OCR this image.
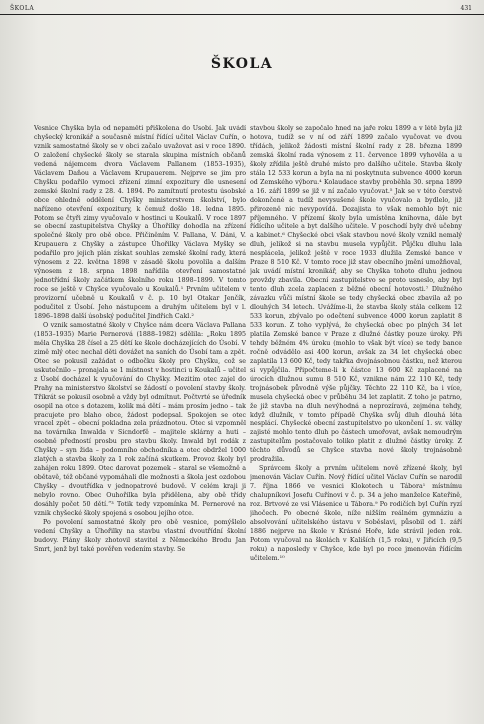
ŠKOLA	431
ŠKOLA

Vesnice Chyška byla od nepaměti přiškolena do Úsobí. Jak uvádí chyšecký kronikář a současně místní řídící učitel Václav Cuřín, o vznik samostatné školy se v obci začalo uvažovat asi v roce 1890. O založení chyšecké školy se starala skupina místních občanů vedená nájemcem dvora Václavem Pallanem (1853–1935), Václavem Daňou a Václavem Krupauerem. Nejprve se jim pro Chyšku podařilo vymoci zřízení zimní expozitury dle usnesení zemské školní rady z 28. 4. 1894. Po zamítnutí protestu úsobské obce ohledně oddělení Chyšky ministerstvem školství, bylo nařízeno otevření expozitury, k čemuž došlo 18. ledna 1895. Potom se čtyři zimy vyučovalo v hostinci u Koukalů. V roce 1897 se obecní zastupitelstva Chyšky a Úhořilky dohodla na zřízení společné školy pro obě obce. Přičiněním V. Pallana, V. Dáni, V. Krupauera z Chyšky a zástupce Úhořilky Václava Myšky se podařilo pro jejich plán získat souhlas zemské školní rady, která výnosem z 22. května 1898 v zásadě školu povolila a dalším výnosem z 18. srpna 1898 nařídila otevření samostatné jednotřídní školy začátkem školního roku 1898–1899. V tomto roce se ještě v Chyšce vyučovalo u Koukalů.¹ Prvním učitelem v provizorní učebně u Koukalů v č. p. 10 byl Otakar Jenčík, podučitel z Úsobí. Jeho nástupcem a druhým učitelem byl v l. 1896–1898 další úsobský podučitel Jindřich Cakl.²

O vznik samostatné školy v Chyšce nám dcera Václava Pallana (1853–1935) Marie Pernerová (1888–1982) sdělila: „Roku 1895 měla Chyška 28 čísel a 25 dětí ke škole docházejících do Úsobí. V zimě mlý otec nechal děti dovážet na saních do Úsobí tam a zpět. Otec se pokusil zažádat o odbočku školy pro Chyšku, což se uskutečnilo – pronajala se 1 místnost v hostinci u Koukalů – učitel z Úsobí docházel k vyučování do Chyšky. Mezitím otec zajel do Prahy na ministerstvo školství se žádostí o povolení stavby školy. Třikrát se pokusil osobně a vždy byl odmítnut. Počtvrté se úředník osopil na otce s dotazem, kolik má dětí – mám prosím jedno – tak pracujete pro blaho obce, žádost podepsal. Spokojen se otec vracel zpět – obecní pokladna zela prázdnotou. Otec si vzpomněl na továrníka Inwalda v Sicndorfě – majitele sklárny a huti – osobně předností prosbu pro stavbu školy. Inwald byl rodák z Chyšky – syn žida – podomního obchodníka a otec obdržel 1000 zlatých a stavba školy za 1 rok začíná skutkem. Provoz školy byl zahájen roku 1899. Otec darovat pozemek – staral se všemožně a obětavě, též občané vypomáhali dle možnosti a škola jest ozdobou Chyšky – dvoutřídka v jednopatrové budově. V celém kraji ji nebylo rovno. Obec Ouhořilka byla přidělena, aby obě třídy dosáhly počet 50 dětí.“³ Totik tedy vzpomínka M. Pernerové na vznik chyšecké školy spojená s osobou jejího otce.

Po povolení samostatné školy pro obě vesnice, pomýšlelo vedení Chyšky a Úhořilky na stavbu vlastní dvoutřídní školní budovy. Plány školy zhotovil stavitel z Německého Brodu Jan Smrt, jenž byl také pověřen vedením stavby. Se

stavbou školy se započalo hned na jaře roku 1899 a v létě byla již hotova, tudíž se v ní od září 1899 začalo vyučovat ve dvou třídách, jelikož žádosti místní školní rady z 28. března 1899 zemská školní rada výnosem z 11. července 1899 vyhověla a u školy zřídila ještě druhé místo pro dalšího učitele. Stavba školy stála 12 533 korun a byla na ni poskytnuta subvence 4000 korun od Zemského výboru.⁴ Kolaudace stavby proběhla 30. srpna 1899 a 16. září 1899 se již v ní začalo vyučovat.⁵ Jak se v této čerstvě dokončené a tudíž nevysušené škole vyučovalo a bydlelo, již přirozeně nic nevypovídá. Dozajista to však nemohlo být nic příjemného. V přízemí školy byla umístěna knihovna, dále byt řídícího učitele a byt dalšího učitele. V poschodí byly dvě učebny a kabinet.⁶ Chyšecké obci však stavbou nové školy vznikl nemalý dluh, jelikož si na stavbu musela vypůjčit. Půjčku dluhu lala nesplácela, jelikož ještě v roce 1933 dlužila Zemské bance v Praze 8 510 Kč. V tomto roce již stav obecního jmění umožňoval, jak uvádí místní kronikář, aby se Chyška tohoto dluhu jednou provždy zbavila. Obecní zastupitelstvo se proto usneslo, aby byl tento dluh zcela zaplacen z běžné obecní hotovosti.⁷ Dlužného závazku vůči místní škole se tedy chyšecká obec zbavila až po dlouhých 34 letech. Uvážíme-li, že stavba školy stála celkem 12 533 korun, zbývalo po odečtení subvence 4000 korun zaplatit 8 533 korun. Z toho vyplývá, že chyšecká obec po plných 34 let platila Zemské bance v Praze z dlužné částky pouze úroky. Při tehdy běžném 4% úroku (mohlo to však být více) se tedy bance ročně odvádělo asi 400 korun, avšak za 34 let chyšecká obec zaplatila 13 600 Kč, tedy takřka dvojnásobnou částku, než kterou si vypůjčila. Připočteme-li k částce 13 600 Kč zaplacené na úrocích dlužnou sumu 8 510 Kč, vznikne nám 22 110 Kč, tedy trojnásobek původně výše půjčky. Těchto 22 110 Kč, ba i více, musela chyšecká obec v průběhu 34 let zaplatit. Z toho je patrno, že již stavba na dluh nevýhodná a neprozíravá, zejména tehdy, když dlužník, v tomto případě Chyška svůj dluh dlouhá léta nesplácí. Chyšecké obecní zastupitelstvo po ukončení 1. sv. války zajisté mohlo tento dluh po částech umořovat, avšak nemoudrým zastupitelům postačovalo toliko platit z dlužné částky úroky. Z těchto důvodů se Chyšce stavba nové školy trojnásobně prodražila.

Správcem školy a prvním učitelem nově zřízené školy, byl jmenován Václav Cuřín. Nový řídící učitel Václav Cuřín se narodil 7. října 1866 ve vesnici Klokotech u Tábora¹ místnímu chalupníkovi Josefu Cuřínovi v č. p. 34 a jeho manželce Kateřině, roz. Brtvové ze vsi Vlásenice u Tábora.⁹ Po rodičích byl Cuřín ryzí jihočech. Po obecné škole, níže nižším reálném gymnáziu a absolvování učitelského ústavu v Soběslavi, působil od 1. září 1886 nejprve na škole v Krásné Hoře, kde strávil jeden rok. Potom vyučoval na školách v Kališích (1,5 roku), v Jiřicích (9,5 roku) a naposledy v Chyšce, kde byl po roce jmenován řídícím učitelem.¹⁰
